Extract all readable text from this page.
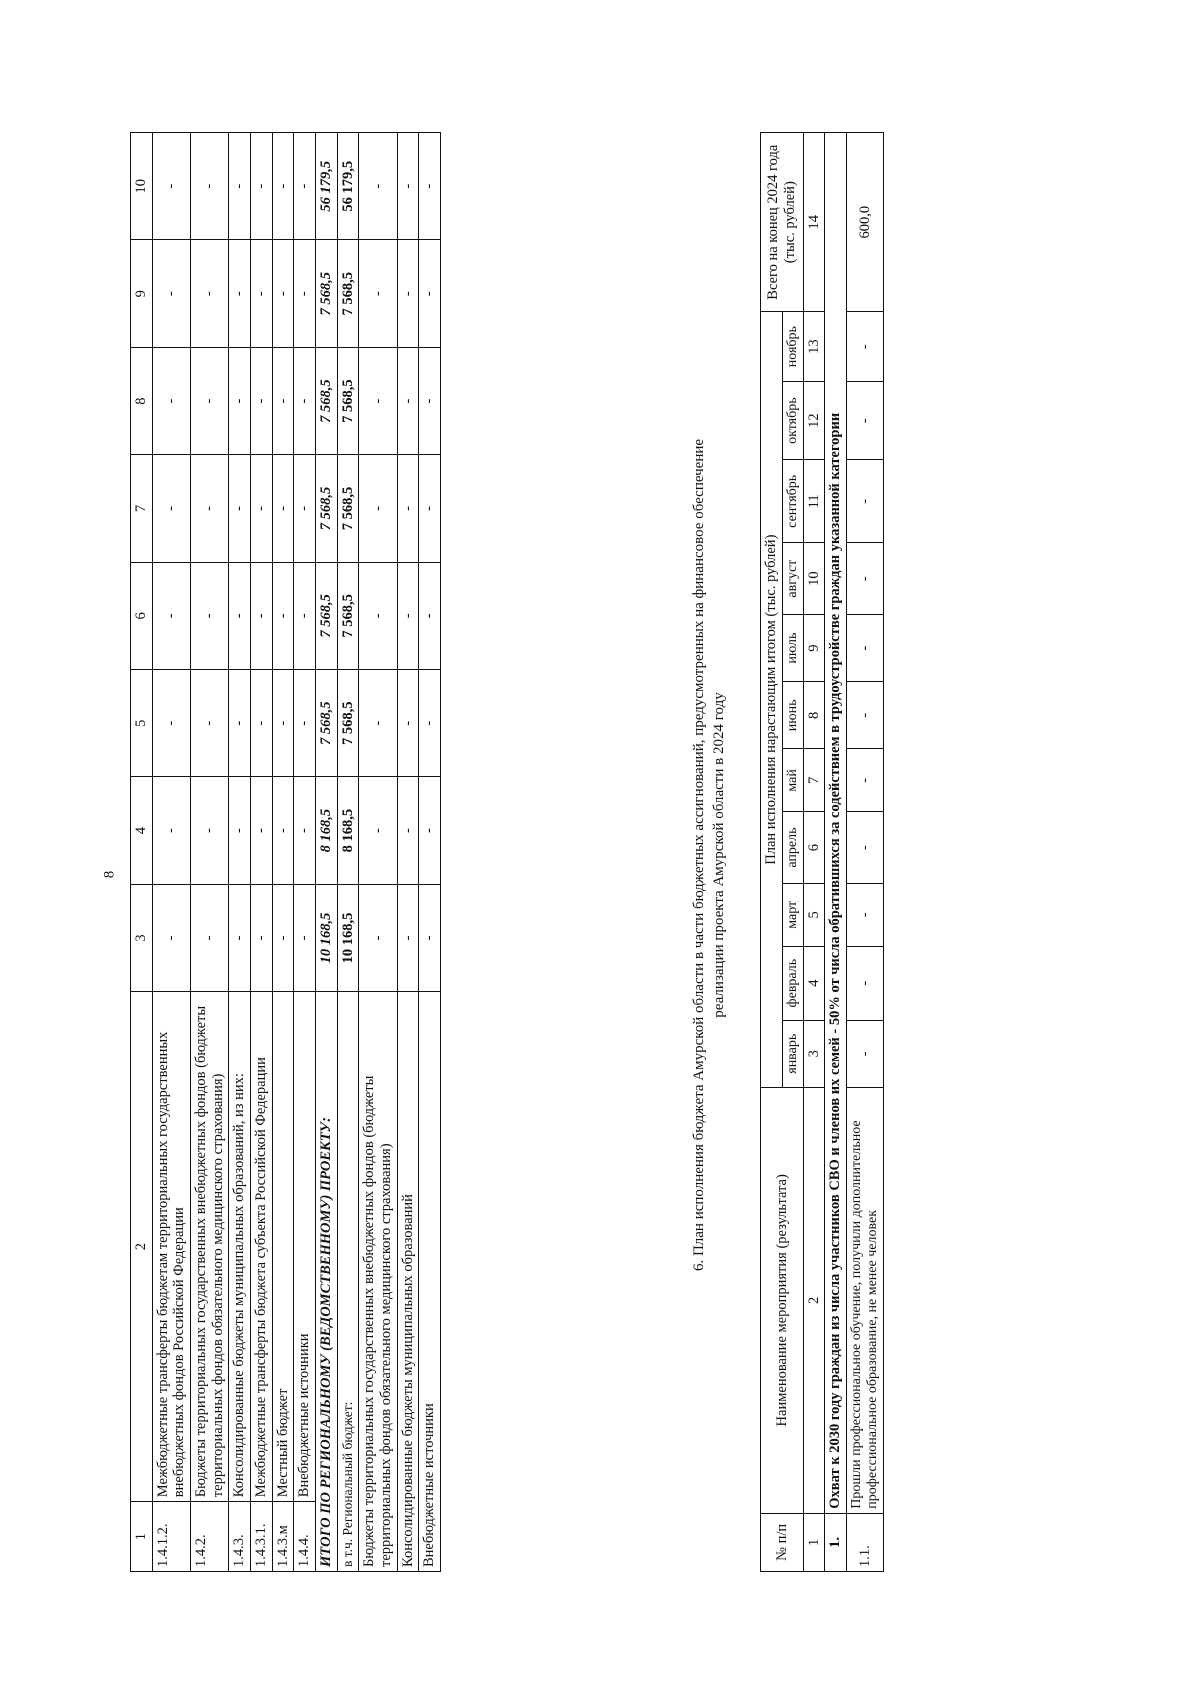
8
1	2	3	4	5	6	7	8	9	10
1.4.1.2.	Межбюджетные трансферты бюджетам территориальных государственных внебюджетных фондов Российской Федерации	-	-	-	-	-	-	-	-
1.4.2.	Бюджеты территориальных государственных внебюджетных фондов (бюджеты территориальных фондов обязательного медицинского страхования)	-	-	-	-	-	-	-	-
1.4.3.	Консолидированные бюджеты муниципальных образований, из них:	-	-	-	-	-	-	-	-
1.4.3.1.	Межбюджетные трансферты бюджета субъекта Российской Федерации	-	-	-	-	-	-	-	-
1.4.3.м	Местный бюджет	-	-	-	-	-	-	-	-
1.4.4.	Внебюджетные источники	-	-	-	-	-	-	-	-
ИТОГО ПО РЕГИОНАЛЬНОМУ (ВЕДОМСТВЕННОМУ) ПРОЕКТУ:		10 168,5	8 168,5	7 568,5	7 568,5	7 568,5	7 568,5	7 568,5	56 179,5
в т.ч. Региональный бюджет:		10 168,5	8 168,5	7 568,5	7 568,5	7 568,5	7 568,5	7 568,5	56 179,5
Бюджеты территориальных государственных внебюджетных фондов (бюджеты территориальных фондов обязательного медицинского страхования)		-	-	-	-	-	-	-	-
Консолидированные бюджеты муниципальных образований		-	-	-	-	-	-	-	-
Внебюджетные источники		-	-	-	-	-	-	-	-
6. План исполнения бюджета Амурской области в части бюджетных ассигнований, предусмотренных на финансовое обеспечение реализации проекта Амурской области в 2024 году
№ п/п	Наименование мероприятия (результата)	План исполнения нарастающим итогом (тыс. рублей)											Всего на конец 2024 года (тыс. рублей)
		январь	февраль	март	апрель	май	июнь	июль	август	сентябрь	октябрь	ноябрь	
1	2	3	4	5	6	7	8	9	10	11	12	13	14
1.	Охват к 2030 году граждан из числа участников СВО и членов их семей - 50% от числа обратившихся за содействием в трудоустройстве граждан указанной категории												
1.1.	Прошли профессиональное обучение, получили дополнительное профессиональное образование, не менее человек	-	-	-	-	-	-	-	-	-	-	-	600,0
